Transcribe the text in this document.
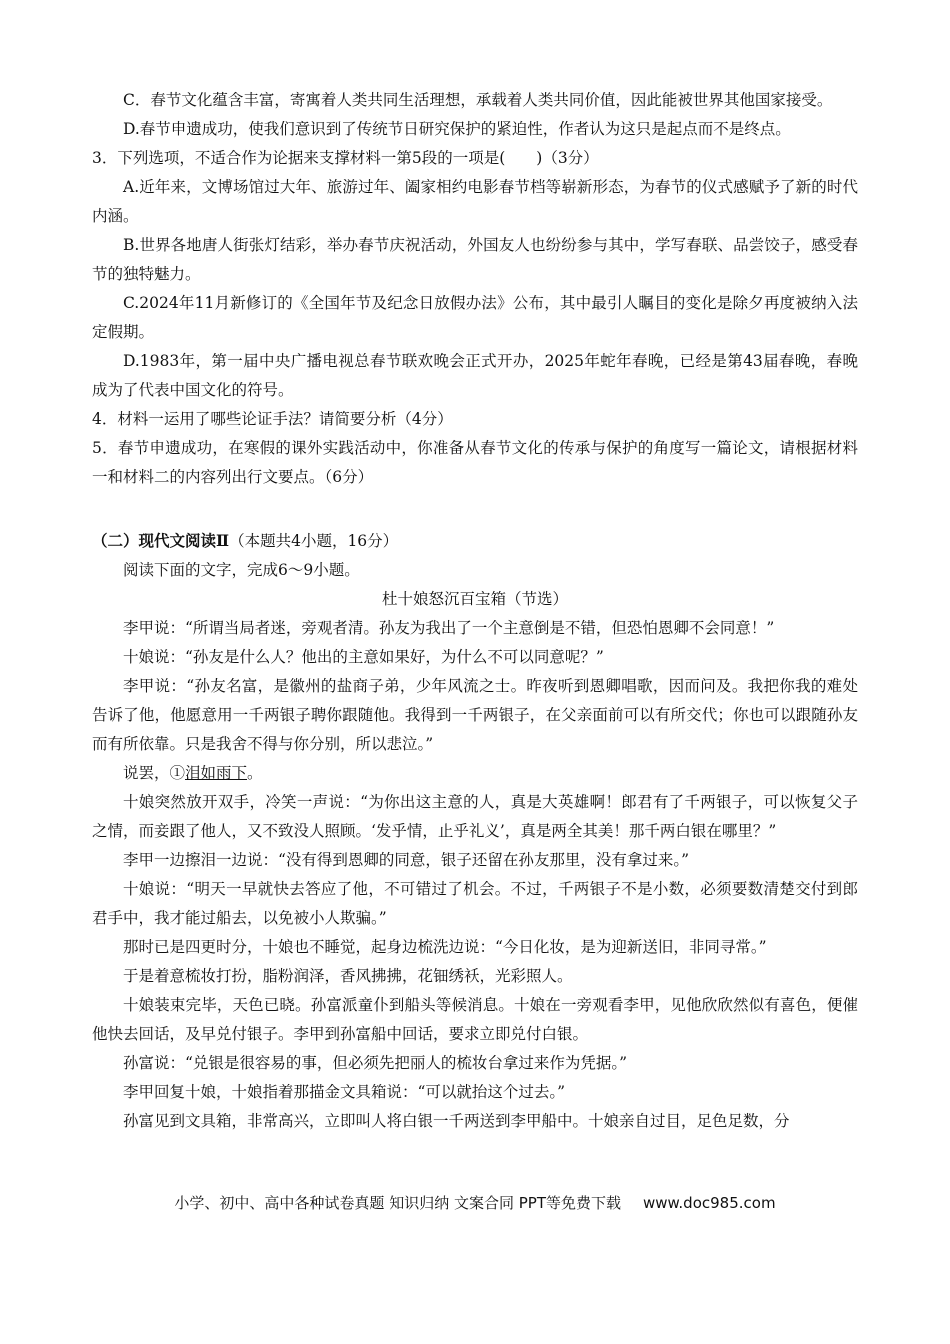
C．春节文化蕴含丰富，寄寓着人类共同生活理想，承载着人类共同价值，因此能被世界其他国家接受。

D.春节申遗成功，使我们意识到了传统节日研究保护的紧迫性，作者认为这只是起点而不是终点。

3．下列选项，不适合作为论据来支撑材料一第5段的一项是(　　)（3分）

A.近年来，文博场馆过大年、旅游过年、阖家相约电影春节档等崭新形态，为春节的仪式感赋予了新的时代内涵。

B.世界各地唐人街张灯结彩，举办春节庆祝活动，外国友人也纷纷参与其中，学写春联、品尝饺子，感受春节的独特魅力。

C.2024年11月新修订的《全国年节及纪念日放假办法》公布，其中最引人瞩目的变化是除夕再度被纳入法定假期。

D.1983年，第一届中央广播电视总春节联欢晚会正式开办，2025年蛇年春晚，已经是第43届春晚，春晚成为了代表中国文化的符号。

4．材料一运用了哪些论证手法？请简要分析（4分）

5．春节申遗成功，在寒假的课外实践活动中，你准备从春节文化的传承与保护的角度写一篇论文，请根据材料一和材料二的内容列出行文要点。（6分）

（二）现代文阅读Ⅱ（本题共4小题，16分）

阅读下面的文字，完成6～9小题。

杜十娘怒沉百宝箱（节选）

李甲说：“所谓当局者迷，旁观者清。孙友为我出了一个主意倒是不错，但恐怕恩卿不会同意！”

十娘说：“孙友是什么人？他出的主意如果好，为什么不可以同意呢？”

李甲说：“孙友名富，是徽州的盐商子弟，少年风流之士。昨夜听到恩卿唱歌，因而问及。我把你我的难处告诉了他，他愿意用一千两银子聘你跟随他。我得到一千两银子，在父亲面前可以有所交代；你也可以跟随孙友而有所依靠。只是我舍不得与你分别，所以悲泣。”

说罢，①泪如雨下。

十娘突然放开双手，冷笑一声说：“为你出这主意的人，真是大英雄啊！郎君有了千两银子，可以恢复父子之情，而妾跟了他人，又不致没人照顾。‘发乎情，止乎礼义’，真是两全其美！那千两白银在哪里？”

李甲一边擦泪一边说：“没有得到恩卿的同意，银子还留在孙友那里，没有拿过来。”

十娘说：“明天一早就快去答应了他，不可错过了机会。不过，千两银子不是小数，必须要数清楚交付到郎君手中，我才能过船去，以免被小人欺骗。”

那时已是四更时分，十娘也不睡觉，起身边梳洗边说：“今日化妆，是为迎新送旧，非同寻常。”

于是着意梳妆打扮，脂粉润泽，香风拂拂，花钿绣袄，光彩照人。

十娘装束完毕，天色已晓。孙富派童仆到船头等候消息。十娘在一旁观看李甲，见他欣欣然似有喜色，便催他快去回话，及早兑付银子。李甲到孙富船中回话，要求立即兑付白银。

孙富说：“兑银是很容易的事，但必须先把丽人的梳妆台拿过来作为凭据。”

李甲回复十娘，十娘指着那描金文具箱说：“可以就抬这个过去。”

孙富见到文具箱，非常高兴，立即叫人将白银一千两送到李甲船中。十娘亲自过目，足色足数，分

小学、初中、高中各种试卷真题 知识归纳 文案合同 PPT等免费下载 www.doc985.com
